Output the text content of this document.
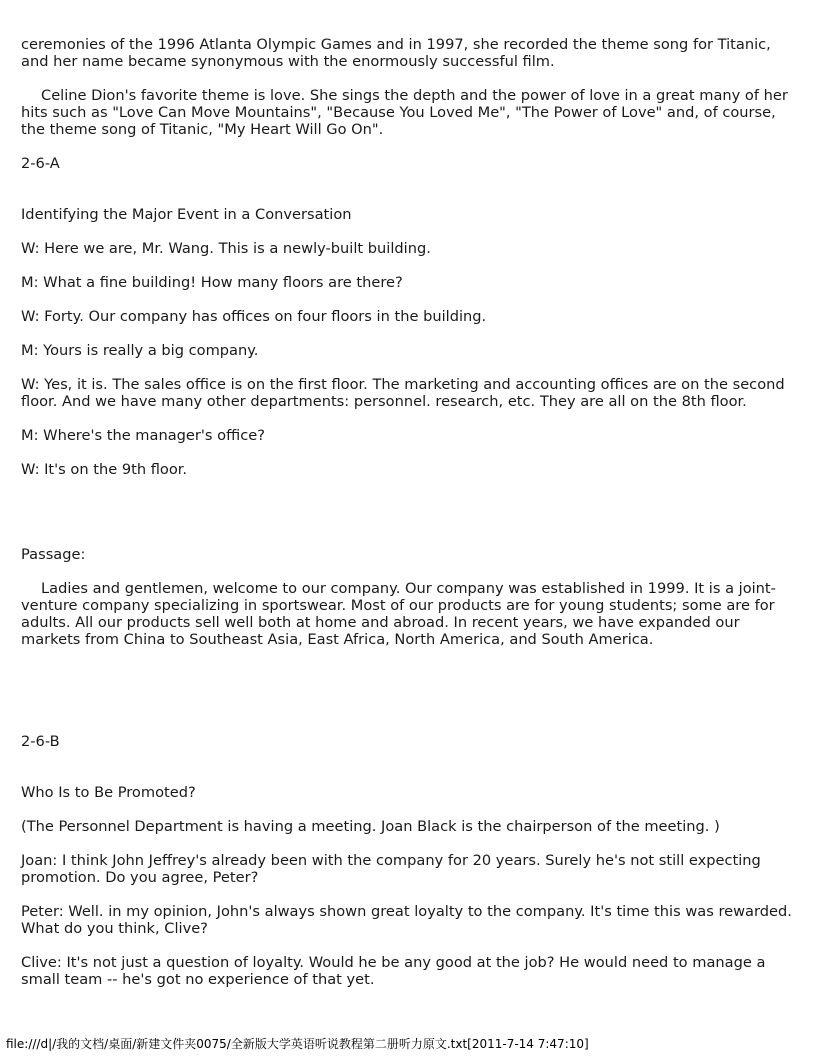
ceremonies of the 1996 Atlanta Olympic Games and in 1997, she recorded the theme song for Titanic, and her name became synonymous with the enormously successful film.

Celine Dion's favorite theme is love. She sings the depth and the power of love in a great many of her hits such as "Love Can Move Mountains", "Because You Loved Me", "The Power of Love" and, of course, the theme song of Titanic, "My Heart Will Go On".

2-6-A

Identifying the Major Event in a Conversation

W: Here we are, Mr. Wang. This is a newly-built building.

M: What a fine building! How many floors are there?

W: Forty. Our company has offices on four floors in the building.

M: Yours is really a big company.

W: Yes, it is. The sales office is on the first floor. The marketing and accounting offices are on the second floor. And we have many other departments: personnel. research, etc. They are all on the 8th floor.

M: Where's the manager's office?

W: It's on the 9th floor.

Passage:

Ladies and gentlemen, welcome to our company. Our company was established in 1999. It is a joint-venture company specializing in sportswear. Most of our products are for young students; some are for adults. All our products sell well both at home and abroad. In recent years, we have expanded our markets from China to Southeast Asia, East Africa, North America, and South America.

2-6-B

Who Is to Be Promoted?

(The Personnel Department is having a meeting. Joan Black is the chairperson of the meeting. )

Joan: I think John Jeffrey's already been with the company for 20 years. Surely he's not still expecting promotion. Do you agree, Peter?

Peter: Well. in my opinion, John's always shown great loyalty to the company. It's time this was rewarded. What do you think, Clive?

Clive: It's not just a question of loyalty. Would he be any good at the job? He would need to manage a small team -- he's got no experience of that yet.

file:///d|/我的文档/桌面/新建文件夹0075/全新版大学英语听说教程第二册听力原文.txt[2011-7-14 7:47:10]
